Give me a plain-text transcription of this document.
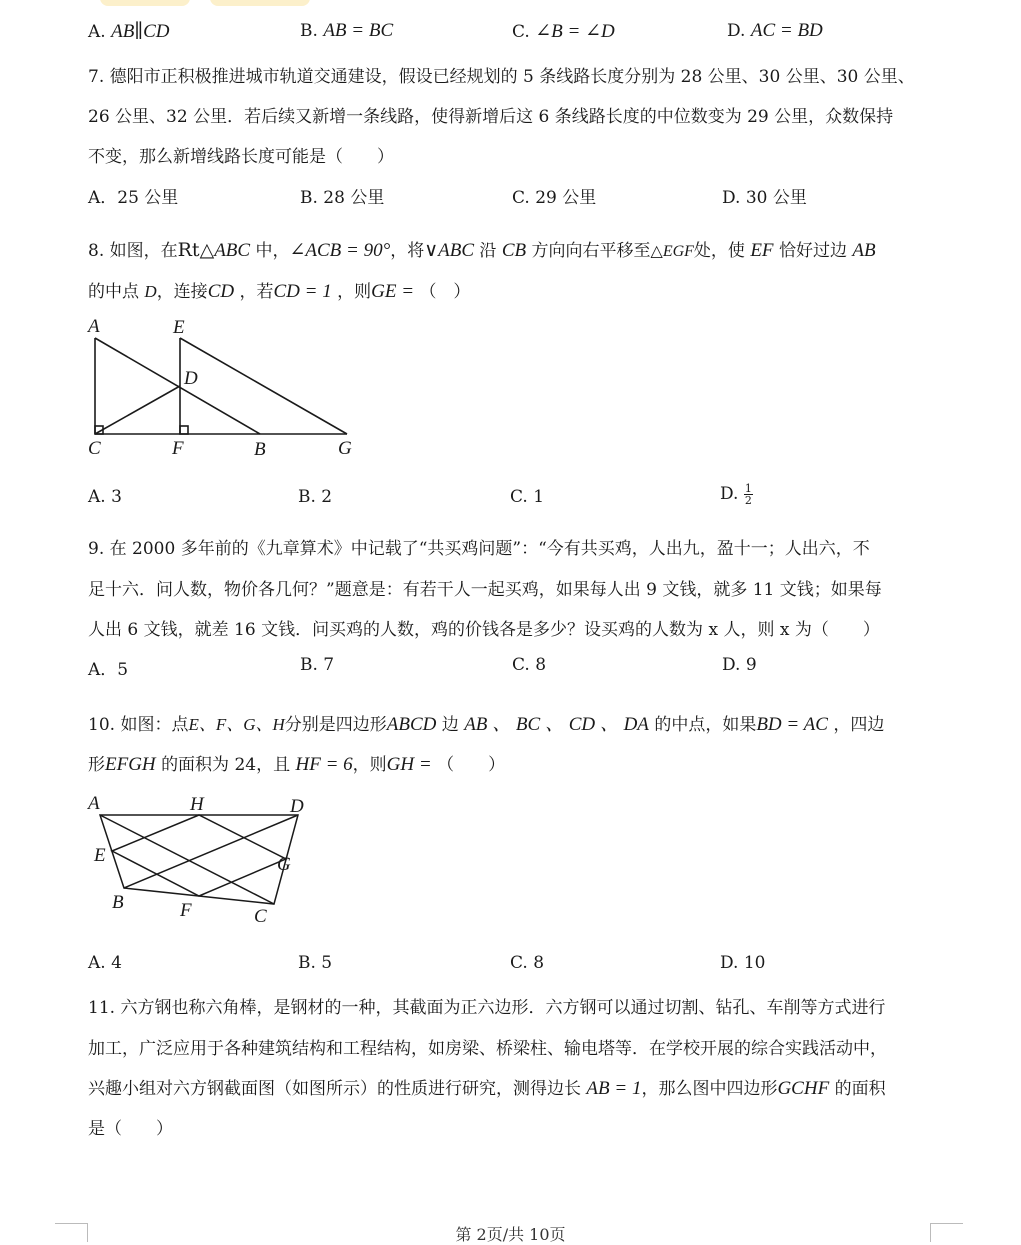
A. AB∥CD	B. AB = BC	C. ∠B = ∠D	D. AC = BD
7. 德阳市正积极推进城市轨道交通建设，假设已经规划的 5 条线路长度分别为 28 公里、30 公里、30 公里、
26 公里、32 公里．若后续又新增一条线路，使得新增后这 6 条线路长度的中位数变为 29 公里，众数保持
不变，那么新增线路长度可能是（　　）
A．25 公里	B. 28 公里	C. 29 公里	D. 30 公里
8. 如图，在Rt△ABC 中，∠ACB = 90°，将∨ABC 沿 CB 方向向右平移至△EGF处，使 EF 恰好过边 AB
的中点 D，连接CD ，若CD = 1 ，则GE = （　）
A	E
D
C	F	B	G
A. 3	B. 2	C. 1	D. $\frac{1}{2}$
9. 在 2000 多年前的《九章算术》中记载了“共买鸡问题”：“今有共买鸡，人出九，盈十一；人出六，不
足十六．问人数，物价各几何？”题意是：有若干人一起买鸡，如果每人出 9 文钱，就多 11 文钱；如果每
人出 6 文钱，就差 16 文钱．问买鸡的人数，鸡的价钱各是多少？设买鸡的人数为 x 人，则 x 为（　　）
A．5	B. 7	C. 8	D. 9
10. 如图：点E、F、G、H分别是四边形ABCD 边 AB 、 BC 、 CD 、 DA 的中点，如果BD = AC ，四边
形EFGH 的面积为 24，且 HF = 6，则GH = （　　）
A	H	D
E	G
B	F	C
A. 4	B. 5	C. 8	D. 10
11. 六方钢也称六角棒，是钢材的一种，其截面为正六边形．六方钢可以通过切割、钻孔、车削等方式进行
加工，广泛应用于各种建筑结构和工程结构，如房梁、桥梁柱、输电塔等．在学校开展的综合实践活动中，
兴趣小组对六方钢截面图（如图所示）的性质进行研究，测得边长 AB = 1，那么图中四边形GCHF 的面积
是（　　）
第 2页/共 10页
